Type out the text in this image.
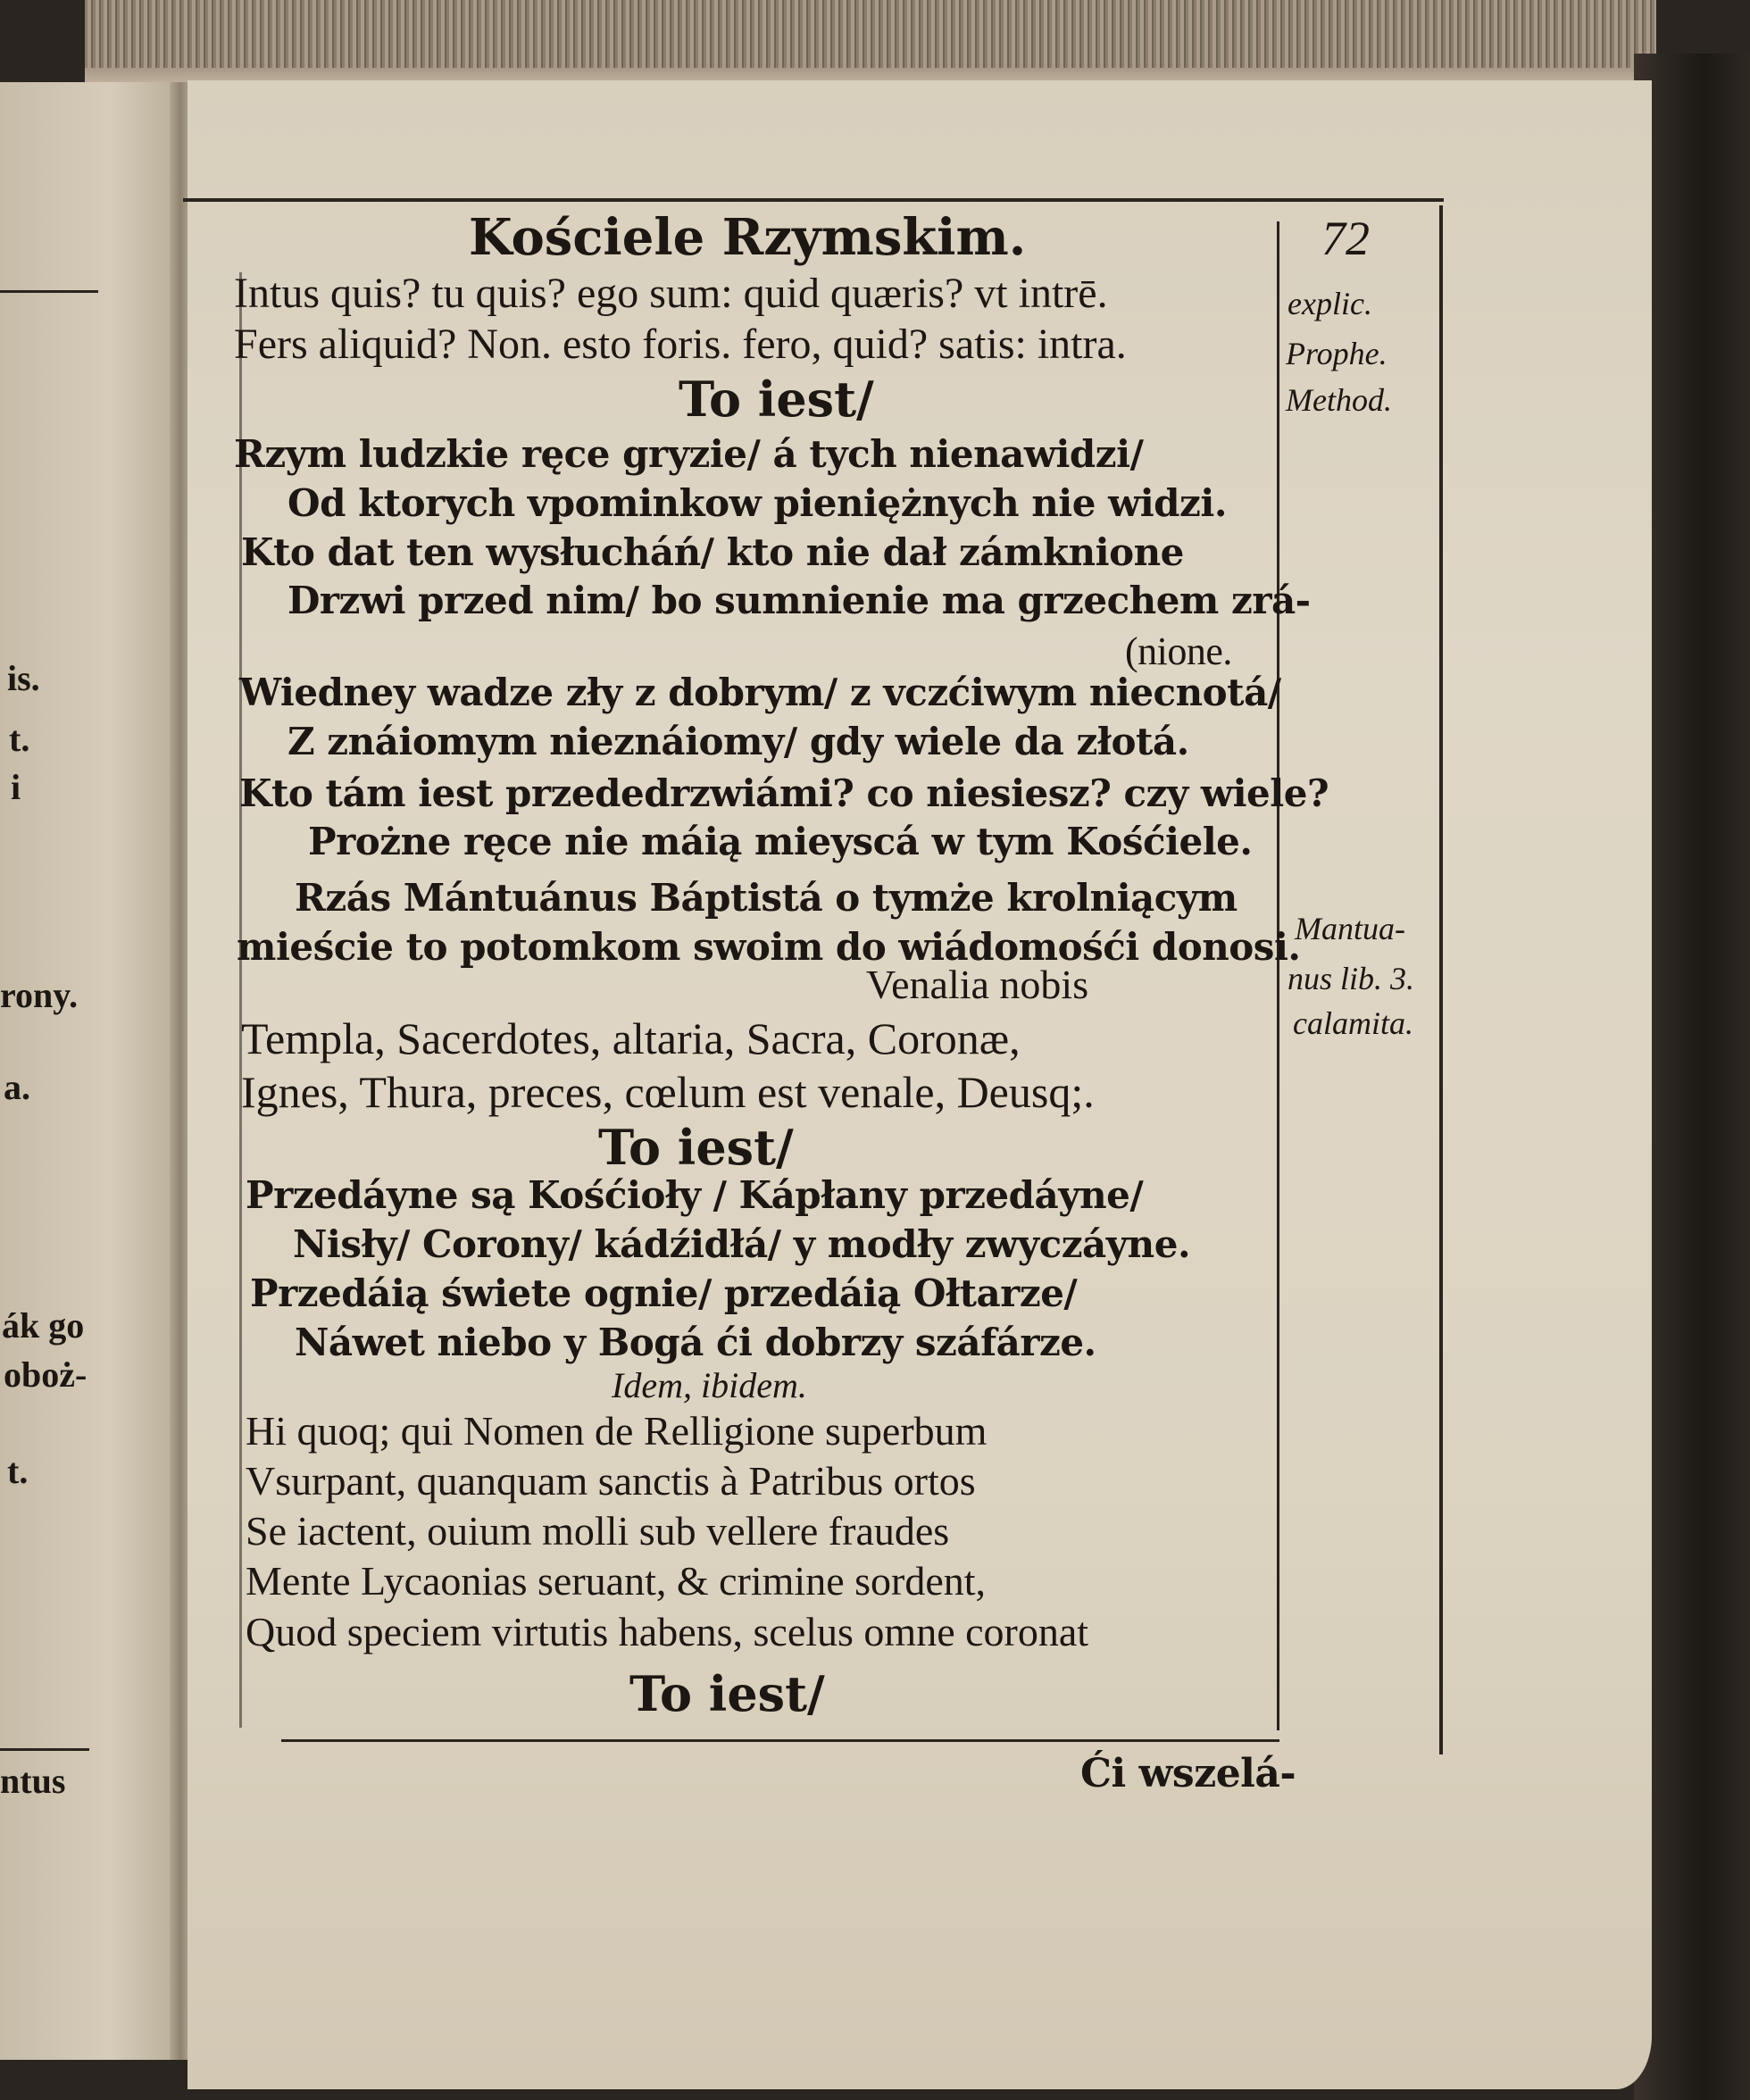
is.

t.

i

rony.

a.

ák go

oboż-

t.

ntus

Kościele Rzymskim.	72

Intus quis? tu quis? ego sum: quid quæris? vt intrē.

Fers aliquid? Non. esto foris. fero, quid? satis: intra.

To iest/

Rzym ludzkie ręce gryzie/ á tych nienawidzi/

Od ktorych vpominkow pieniężnych nie widzi.

Kto dat ten wysłucháń/ kto nie dał zámknione

Drzwi przed nim/ bo sumnienie ma grzechem zrá-

(nione.

Wiedney wadze zły z dobrym/ z vczćiwym niecnotá/

Z znáiomym nieznáiomy/ gdy wiele da złotá.

Kto tám iest przededrzwiámi? co niesiesz? czy wiele?

Prożne ręce nie máią mieyscá w tym Kośćiele.

Rzás Mántuánus Báptistá o tymże krolniącym

mieście to potomkom swoim do wiádomośći donosi.

Venalia nobis

Templa, Sacerdotes, altaria, Sacra, Coronæ,

Ignes, Thura, preces, cœlum est venale, Deusq;.

To iest/

Przedáyne są Kośćioły / Kápłany przedáyne/

Nisły/ Corony/ kádźidłá/ y modły zwyczáyne.

Przedáią świete ognie/ przedáią Ołtarze/

Náwet niebo y Bogá ći dobrzy száfárze.

Idem, ibidem.

Hi quoq; qui Nomen de Relligione superbum

Vsurpant, quanquam sanctis à Patribus ortos

Se iactent, ouium molli sub vellere fraudes

Mente Lycaonias seruant, & crimine sordent,

Quod speciem virtutis habens, scelus omne coronat

To iest/

Ći wszelá-

explic.

Prophe.

Method.

Mantua-

nus lib. 3.

calamita.
